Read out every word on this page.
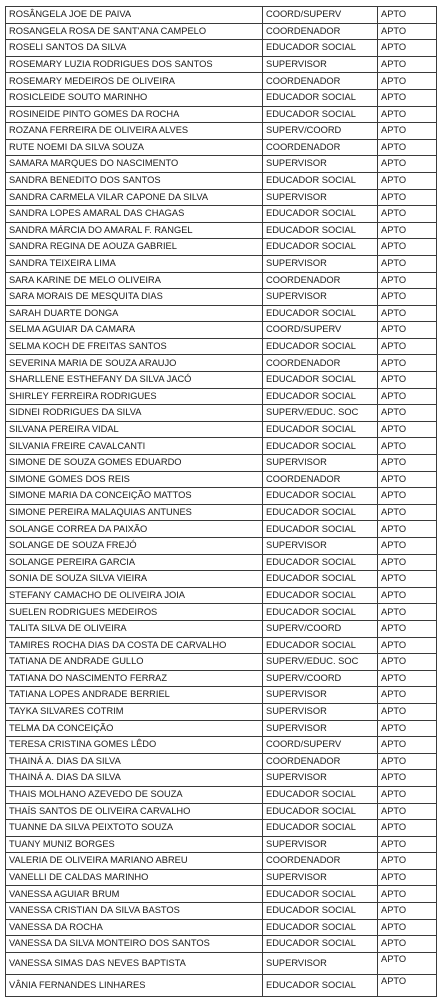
ROSÂNGELA JOE DE PAIVA	COORD/SUPERV	APTO
ROSANGELA ROSA DE SANT'ANA CAMPELO	COORDENADOR	APTO
ROSELI SANTOS DA SILVA	EDUCADOR SOCIAL	APTO
ROSEMARY LUZIA RODRIGUES DOS SANTOS	SUPERVISOR	APTO
ROSEMARY MEDEIROS DE OLIVEIRA	COORDENADOR	APTO
ROSICLEIDE SOUTO MARINHO	EDUCADOR SOCIAL	APTO
ROSINEIDE PINTO GOMES DA ROCHA	EDUCADOR SOCIAL	APTO
ROZANA FERREIRA DE OLIVEIRA ALVES	SUPERV/COORD	APTO
RUTE NOEMI DA SILVA SOUZA	COORDENADOR	APTO
SAMARA MARQUES DO NASCIMENTO	SUPERVISOR	APTO
SANDRA BENEDITO DOS SANTOS	EDUCADOR SOCIAL	APTO
SANDRA CARMELA VILAR CAPONE DA SILVA	SUPERVISOR	APTO
SANDRA LOPES AMARAL DAS CHAGAS	EDUCADOR SOCIAL	APTO
SANDRA MÁRCIA DO AMARAL F. RANGEL	EDUCADOR SOCIAL	APTO
SANDRA REGINA DE AOUZA GABRIEL	EDUCADOR SOCIAL	APTO
SANDRA TEIXEIRA LIMA	SUPERVISOR	APTO
SARA KARINE DE MELO OLIVEIRA	COORDENADOR	APTO
SARA MORAIS DE MESQUITA DIAS	SUPERVISOR	APTO
SARAH DUARTE DONGA	EDUCADOR SOCIAL	APTO
SELMA AGUIAR DA CAMARA	COORD/SUPERV	APTO
SELMA KOCH DE FREITAS SANTOS	EDUCADOR SOCIAL	APTO
SEVERINA MARIA DE SOUZA ARAUJO	COORDENADOR	APTO
SHARLLENE ESTHEFANY DA SILVA JACÓ	EDUCADOR SOCIAL	APTO
SHIRLEY FERREIRA RODRIGUES	EDUCADOR SOCIAL	APTO
SIDNEI RODRIGUES DA SILVA	SUPERV/EDUC. SOC	APTO
SILVANA PEREIRA VIDAL	EDUCADOR SOCIAL	APTO
SILVANIA FREIRE CAVALCANTI	EDUCADOR SOCIAL	APTO
SIMONE DE SOUZA GOMES EDUARDO	SUPERVISOR	APTO
SIMONE GOMES DOS REIS	COORDENADOR	APTO
SIMONE MARIA DA CONCEIÇÃO MATTOS	EDUCADOR SOCIAL	APTO
SIMONE PEREIRA MALAQUIAS ANTUNES	EDUCADOR SOCIAL	APTO
SOLANGE CORREA DA PAIXÃO	EDUCADOR SOCIAL	APTO
SOLANGE DE SOUZA FREJÓ	SUPERVISOR	APTO
SOLANGE PEREIRA GARCIA	EDUCADOR SOCIAL	APTO
SONIA DE SOUZA SILVA VIEIRA	EDUCADOR SOCIAL	APTO
STEFANY CAMACHO DE OLIVEIRA JOIA	EDUCADOR SOCIAL	APTO
SUELEN RODRIGUES MEDEIROS	EDUCADOR SOCIAL	APTO
TALITA SILVA DE OLIVEIRA	SUPERV/COORD	APTO
TAMIRES ROCHA DIAS DA COSTA DE CARVALHO	EDUCADOR SOCIAL	APTO
TATIANA DE ANDRADE GULLO	SUPERV/EDUC. SOC	APTO
TATIANA DO NASCIMENTO FERRAZ	SUPERV/COORD	APTO
TATIANA LOPES ANDRADE BERRIEL	SUPERVISOR	APTO
TAYKA SILVARES COTRIM	SUPERVISOR	APTO
TELMA DA CONCEIÇÃO	SUPERVISOR	APTO
TERESA CRISTINA GOMES LÊDO	COORD/SUPERV	APTO
THAINÁ A. DIAS DA SILVA	COORDENADOR	APTO
THAINÁ A. DIAS DA SILVA	SUPERVISOR	APTO
THAIS MOLHANO AZEVEDO DE SOUZA	EDUCADOR SOCIAL	APTO
THAÍS SANTOS DE OLIVEIRA CARVALHO	EDUCADOR SOCIAL	APTO
TUANNE DA SILVA PEIXTOTO SOUZA	EDUCADOR SOCIAL	APTO
TUANY MUNIZ BORGES	SUPERVISOR	APTO
VALERIA DE OLIVEIRA MARIANO ABREU	COORDENADOR	APTO
VANELLI DE CALDAS MARINHO	SUPERVISOR	APTO
VANESSA AGUIAR BRUM	EDUCADOR SOCIAL	APTO
VANESSA CRISTIAN DA SILVA BASTOS	EDUCADOR SOCIAL	APTO
VANESSA DA ROCHA	EDUCADOR SOCIAL	APTO
VANESSA DA SILVA MONTEIRO DOS SANTOS	EDUCADOR SOCIAL	APTO
VANESSA SIMAS DAS NEVES BAPTISTA	SUPERVISOR	APTO
VÂNIA FERNANDES LINHARES	EDUCADOR SOCIAL	APTO
